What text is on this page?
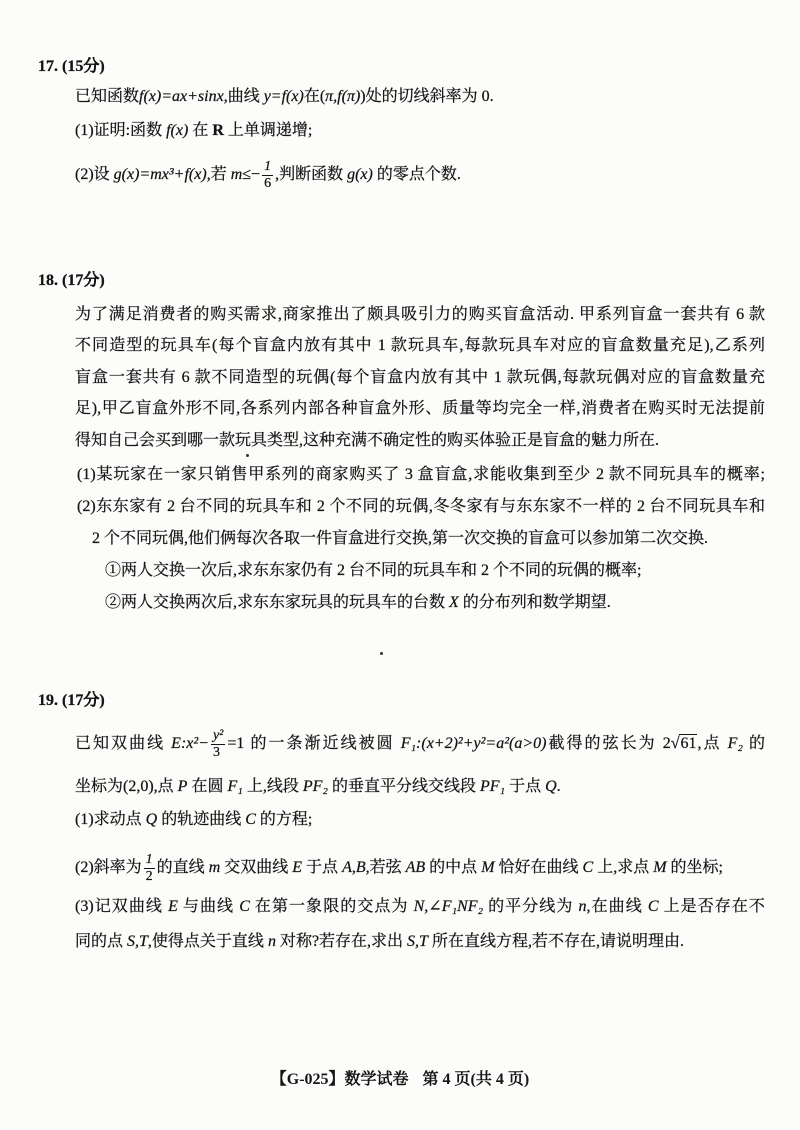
17. (15分)
已知函数f(x)=ax+sinx,曲线 y=f(x)在(π,f(π))处的切线斜率为 0.
(1)证明:函数 f(x) 在 R 上单调递增;
(2)设 g(x)=mx³+f(x),若 $m\le- \frac{1}{6}$ ,判断函数 g(x) 的零点个数.
18. (17分)
为了满足消费者的购买需求,商家推出了颇具吸引力的购买盲盒活动. 甲系列盲盒一套共有 6 款
不同造型的玩具车(每个盲盒内放有其中 1 款玩具车,每款玩具车对应的盲盒数量充足),乙系列
盲盒一套共有 6 款不同造型的玩偶(每个盲盒内放有其中 1 款玩偶,每款玩偶对应的盲盒数量充
足),甲乙盲盒外形不同,各系列内部各种盲盒外形、质量等均完全一样,消费者在购买时无法提前
得知自己会买到哪一款玩具类型,这种充满不确定性的购买体验正是盲盒的魅力所在.
(1)某玩家在一家只销售甲系列的商家购买了 3 盒盲盒,求能收集到至少 2 款不同玩具车的概率;
(2)东东家有 2 台不同的玩具车和 2 个不同的玩偶,冬冬家有与东东家不一样的 2 台不同玩具车和
2 个不同玩偶,他们俩每次各取一件盲盒进行交换,第一次交换的盲盒可以参加第二次交换.
①两人交换一次后,求东东家仍有 2 台不同的玩具车和 2 个不同的玩偶的概率;
②两人交换两次后,求东东家玩具的玩具车的台数 X 的分布列和数学期望.
19. (17分)
已知双曲线 E:x²− $\frac{\text{y²}}{3} =1$ 的一条渐近线被圆 F₁:(x+2)²+y²=a²(a>0)截得的弦长为 2√61,点 F₂ 的
坐标为(2,0),点 P 在圆 F₁ 上,线段 PF₂ 的垂直平分线交线段 PF₁ 于点 Q.
(1)求动点 Q 的轨迹曲线 C 的方程;
(2)斜率为 $\frac{1}{2}$ 的直线 m 交双曲线 E 于点 A,B,若弦 AB 的中点 M 恰好在曲线 C 上,求点 M 的坐标;
(3)记双曲线 E 与曲线 C 在第一象限的交点为 N,∠F₁NF₂ 的平分线为 n,在曲线 C 上是否存在不
同的点 S,T,使得点关于直线 n 对称?若存在,求出 S,T 所在直线方程,若不存在,请说明理由.
【G-025】数学试卷 第 4 页(共 4 页)
